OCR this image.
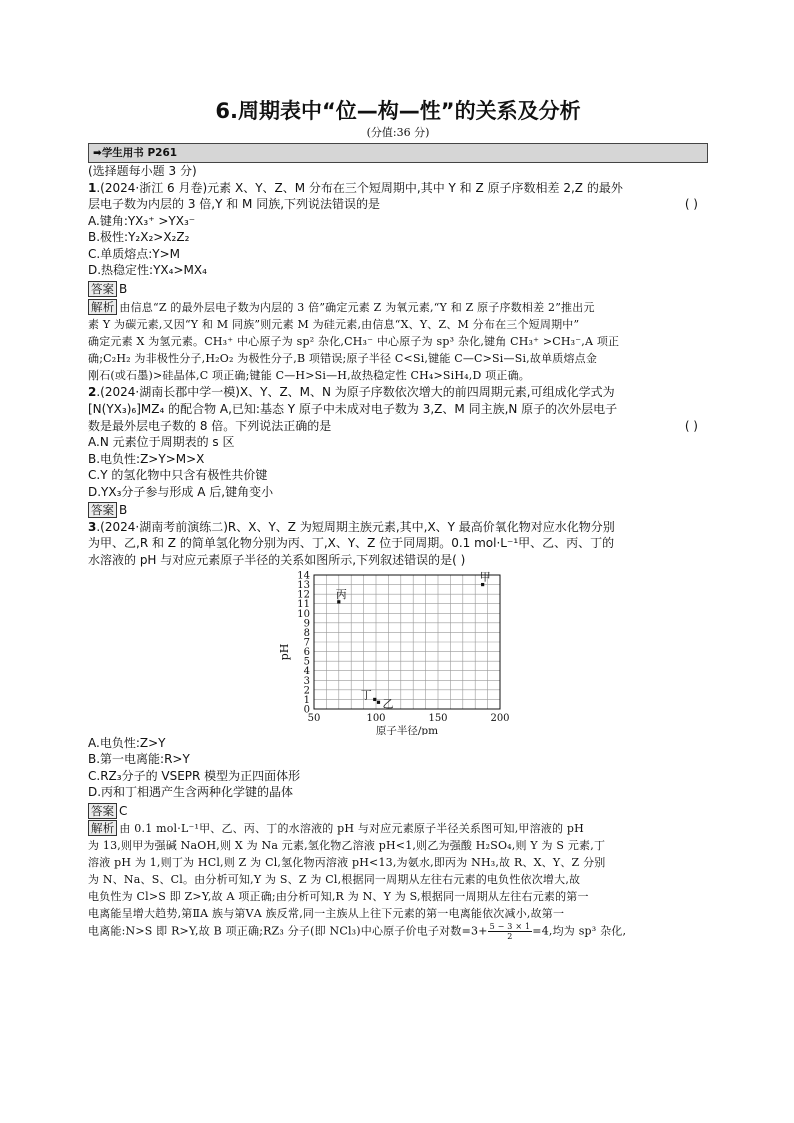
6.周期表中“位—构—性”的关系及分析

(分值:36 分)

➡学生用书 P261

(选择题每小题 3 分)

1.(2024·浙江 6 月卷)元素 X、Y、Z、M 分布在三个短周期中,其中 Y 和 Z 原子序数相差 2,Z 的最外

层电子数为内层的 3 倍,Y 和 M 同族,下列说法错误的是	( )

A.键角:YX₃⁺ >YX₃⁻
B.极性:Y₂X₂>X₂Z₂
C.单质熔点:Y>M
D.热稳定性:YX₄>MX₄
答案 B
解析 由信息“Z 的最外层电子数为内层的 3 倍”确定元素 Z 为氧元素,“Y 和 Z 原子序数相差 2”推出元
素 Y 为碳元素,又因“Y 和 M 同族”则元素 M 为硅元素,由信息“X、Y、Z、M 分布在三个短周期中”
确定元素 X 为氢元素。CH₃⁺ 中心原子为 sp² 杂化,CH₃⁻ 中心原子为 sp³ 杂化,键角 CH₃⁺ >CH₃⁻,A 项正
确;C₂H₂ 为非极性分子,H₂O₂ 为极性分子,B 项错误;原子半径 C<Si,键能 C—C>Si—Si,故单质熔点金
刚石(或石墨)>硅晶体,C 项正确;键能 C—H>Si—H,故热稳定性 CH₄>SiH₄,D 项正确。

2.(2024·湖南长郡中学一模)X、Y、Z、M、N 为原子序数依次增大的前四周期元素,可组成化学式为

[N(YX₃)₆]MZ₄ 的配合物 A,已知:基态 Y 原子中未成对电子数为 3,Z、M 同主族,N 原子的次外层电子

数是最外层电子数的 8 倍。下列说法正确的是	( )

A.N 元素位于周期表的 s 区
B.电负性:Z>Y>M>X
C.Y 的氢化物中只含有极性共价键
D.YX₃分子参与形成 A 后,键角变小
答案 B

3.(2024·湖南考前演练二)R、X、Y、Z 为短周期主族元素,其中,X、Y 最高价氧化物对应水化物分别

为甲、乙,R 和 Z 的简单氢化物分别为丙、丁,X、Y、Z 位于同周期。0.1 mol·L⁻¹甲、乙、丙、丁的

水溶液的 pH 与对应元素原子半径的关系如图所示,下列叙述错误的是( )

0
1
2
3
4
5
6
7
8
9
10
11
12
13
14
50	100	150	200
原子半径/pm
pH
甲
丙
丁
乙
A.电负性:Z>Y
B.第一电离能:R>Y
C.RZ₃分子的 VSEPR 模型为正四面体形
D.丙和丁相遇产生含两种化学键的晶体
答案 C
解析 由 0.1 mol·L⁻¹甲、乙、丙、丁的水溶液的 pH 与对应元素原子半径关系图可知,甲溶液的 pH
为 13,则甲为强碱 NaOH,则 X 为 Na 元素,氢化物乙溶液 pH<1,则乙为强酸 H₂SO₄,则 Y 为 S 元素,丁
溶液 pH 为 1,则丁为 HCl,则 Z 为 Cl,氢化物丙溶液 pH<13,为氨水,即丙为 NH₃,故 R、X、Y、Z 分别
为 N、Na、S、Cl。由分析可知,Y 为 S、Z 为 Cl,根据同一周期从左往右元素的电负性依次增大,故
电负性为 Cl>S 即 Z>Y,故 A 项正确;由分析可知,R 为 N、Y 为 S,根据同一周期从左往右元素的第一
电离能呈增大趋势,第ⅡA 族与第ⅤA 族反常,同一主族从上往下元素的第一电离能依次减小,故第一
电离能:N>S 即 R>Y,故 B 项正确;RZ₃ 分子(即 NCl₃)中心原子价电子对数$=3+ \frac{5 - 3 \times 1}{2} =4$,均为 sp³ 杂化,
